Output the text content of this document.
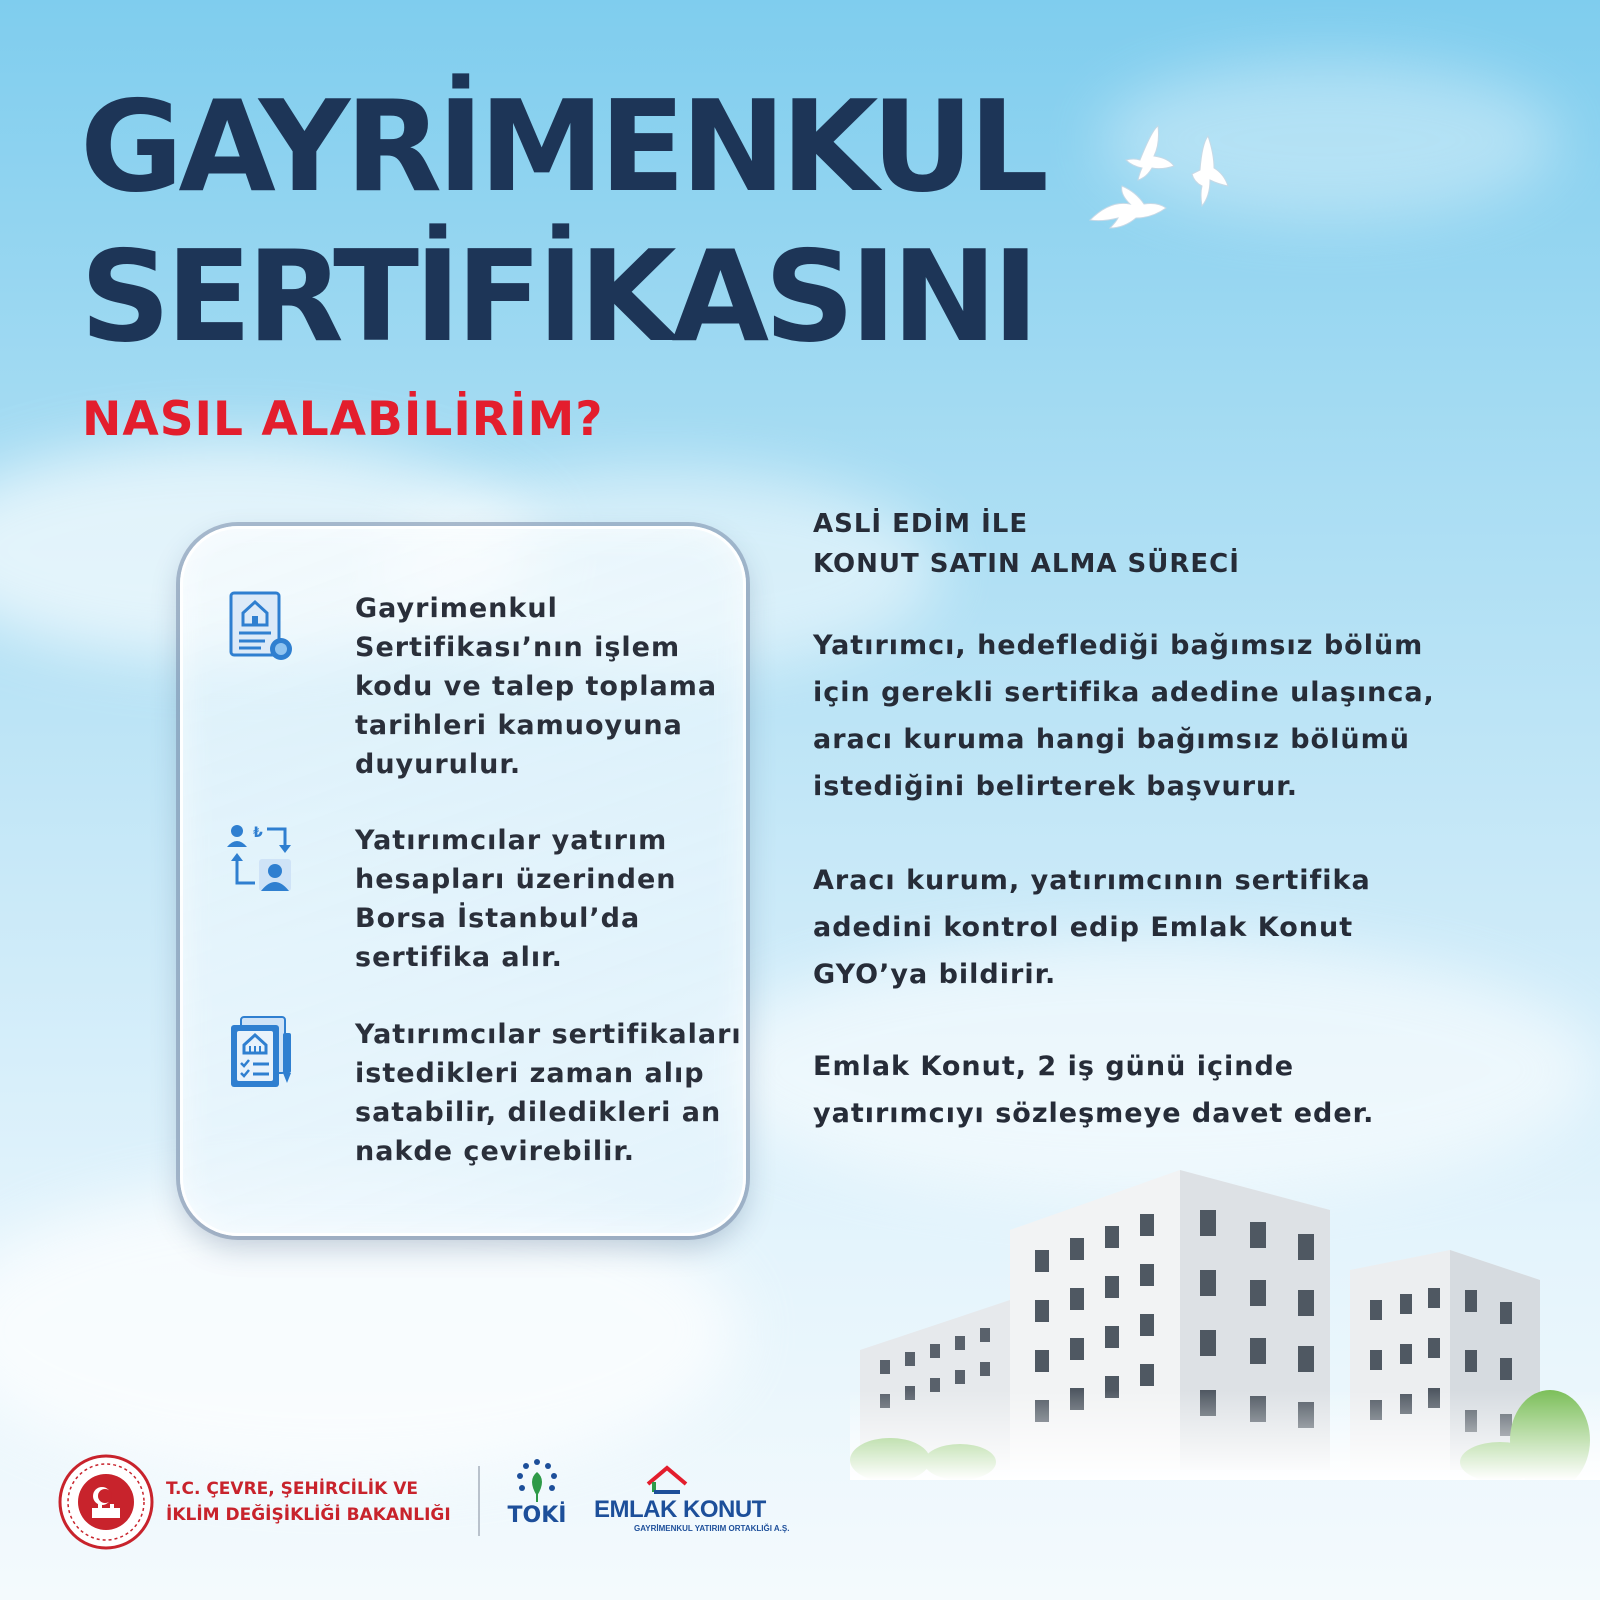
GAYRİMENKUL
SERTİFİKASINI
NASIL ALABİLİRİM?

Gayrimenkul
Sertifikası’nın işlem
kodu ve talep toplama
tarihleri kamuoyuna
duyurulur.

₺	Yatırımcılar yatırım
hesapları üzerinden
Borsa İstanbul’da
sertifika alır.

Yatırımcılar sertifikaları
istedikleri zaman alıp
satabilir, diledikleri an
nakde çevirebilir.

ASLİ EDİM İLE
KONUT SATIN ALMA SÜRECİ

Yatırımcı, hedeflediği bağımsız bölüm
için gerekli sertifika adedine ulaşınca,
aracı kuruma hangi bağımsız bölümü
istediğini belirterek başvurur.

Aracı kurum, yatırımcının sertifika
adedini kontrol edip Emlak Konut
GYO’ya bildirir.

Emlak Konut, 2 iş günü içinde
yatırımcıyı sözleşmeye davet eder.

T.C. ÇEVRE, ŞEHİRCİLİK VE
İKLİM DEĞİŞİKLİĞİ BAKANLIĞI	TOKİ EMLAK KONUT

GAYRİMENKUL YATIRIM ORTAKLIĞI A.Ş.
